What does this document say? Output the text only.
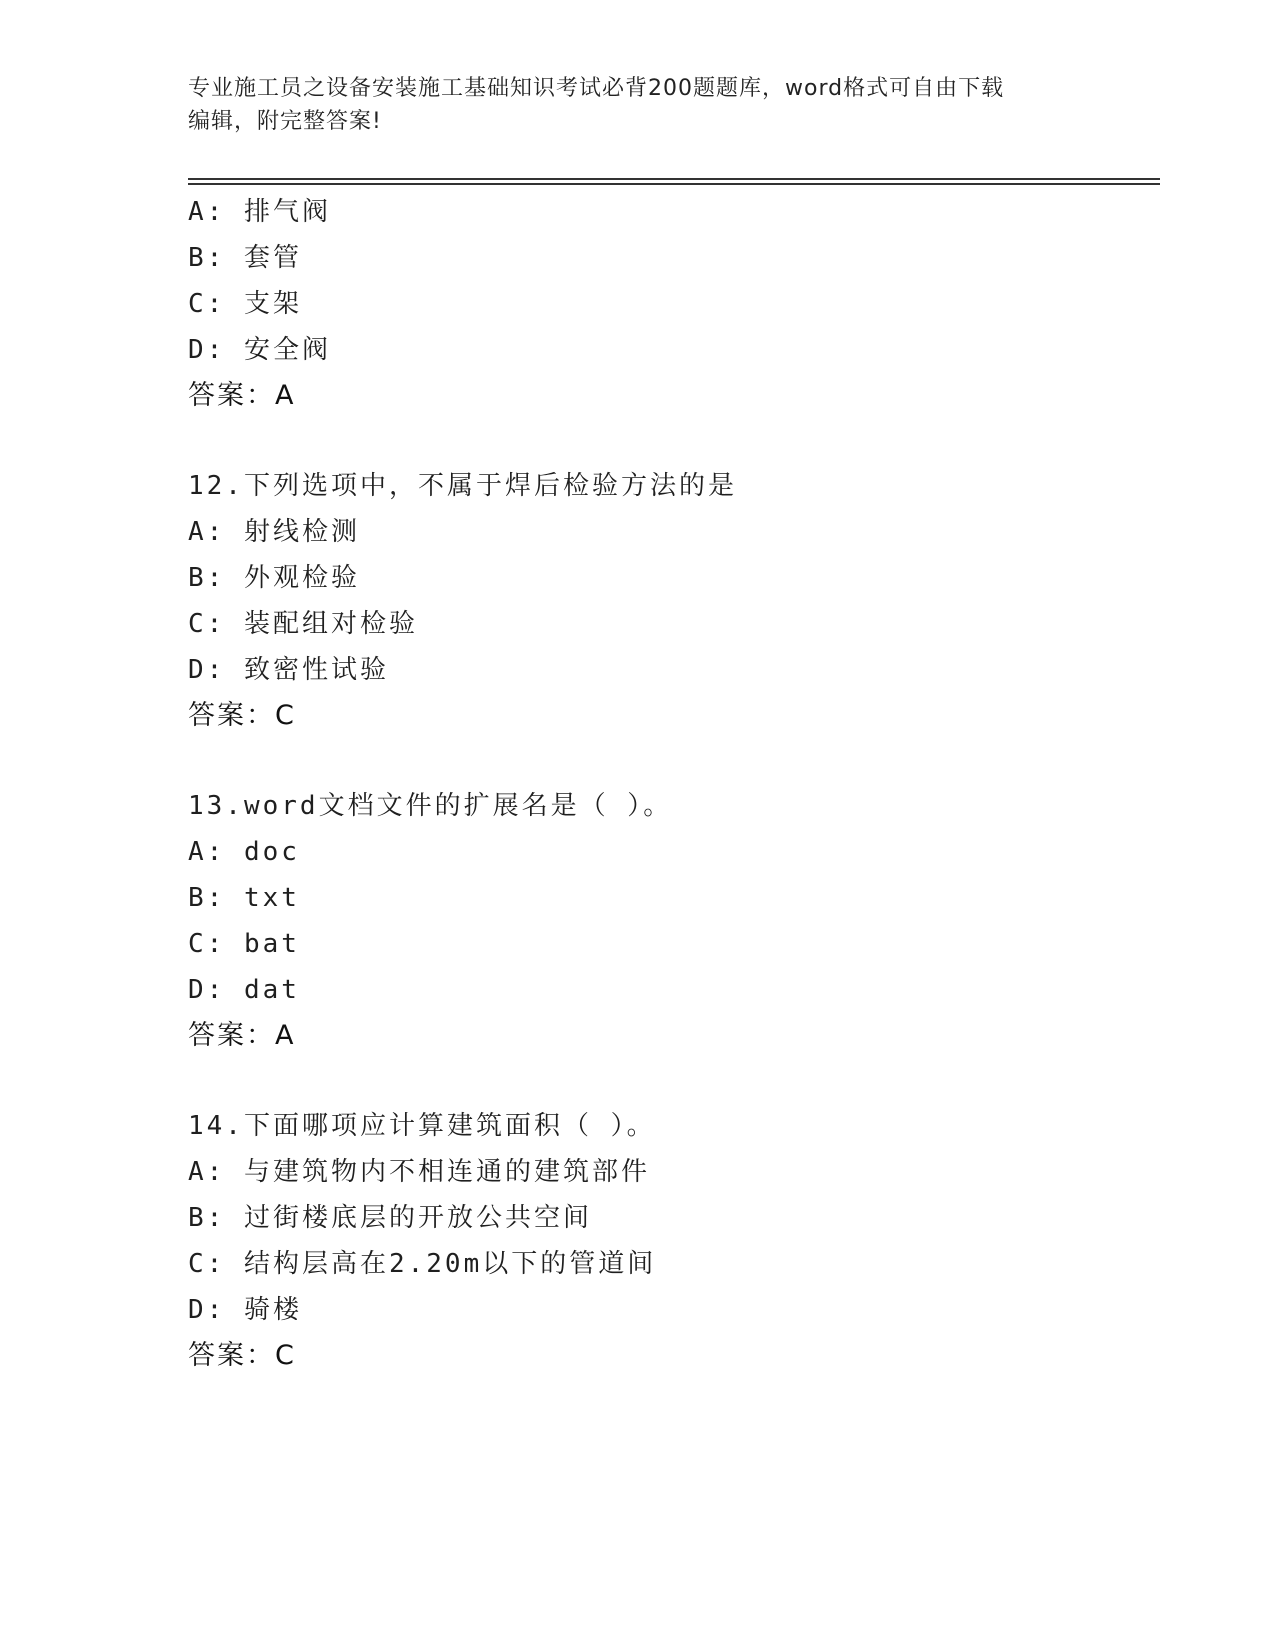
专业施工员之设备安装施工基础知识考试必背200题题库，word格式可自由下载
编辑，附完整答案!
A: 排气阀
B: 套管
C: 支架
D: 安全阀
答案：A
12.下列选项中，不属于焊后检验方法的是
A: 射线检测
B: 外观检验
C: 装配组对检验
D: 致密性试验
答案：C
13.word文档文件的扩展名是（ ）。
A: doc
B: txt
C: bat
D: dat
答案：A
14.下面哪项应计算建筑面积（ ）。
A: 与建筑物内不相连通的建筑部件
B: 过街楼底层的开放公共空间
C: 结构层高在2.20m以下的管道间
D: 骑楼
答案：C
